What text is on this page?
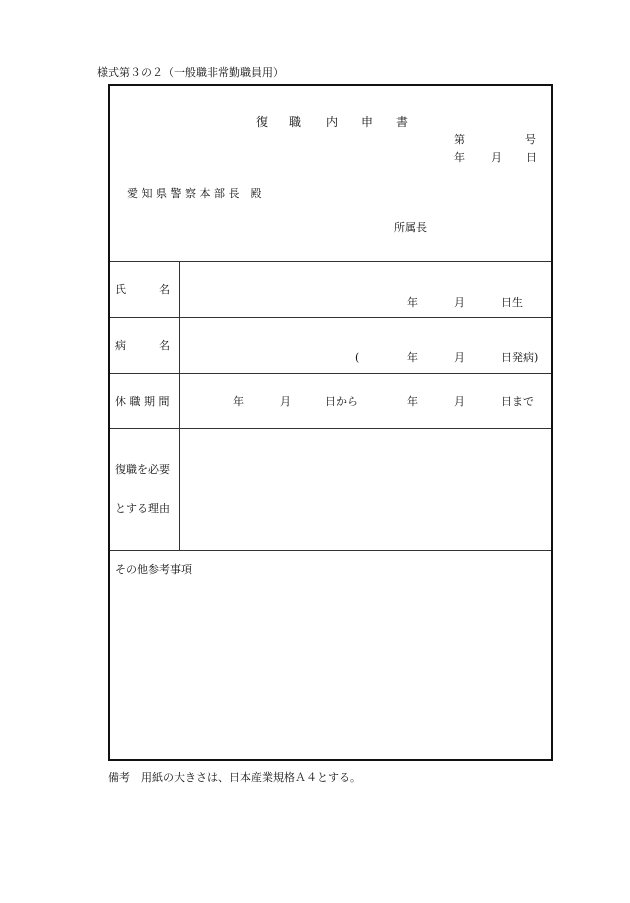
様式第３の２（一般職非常勤職員用）
復 職 内 申 書
第	号
年 月 日
愛 知 県 警 察 本 部 長　殿
所属長
氏　　　名
年	月	日生
病　　　名
(	年	月	日発病)
休 職 期 間	年	月	日から	年	月	日まで
復職を必要
とする理由
その他参考事項
備考　用紙の大きさは、日本産業規格Ａ４とする。
